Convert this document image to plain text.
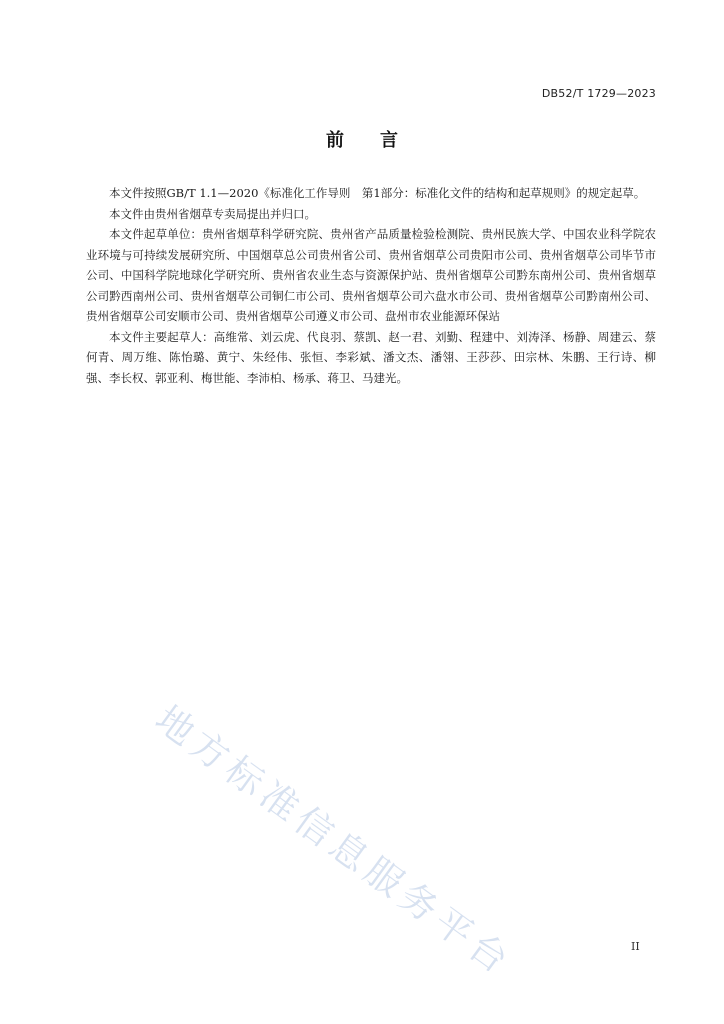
DB52/T 1729—2023
前言

本文件按照GB/T 1.1—2020《标准化工作导则　第1部分：标准化文件的结构和起草规则》的规定起草。

本文件由贵州省烟草专卖局提出并归口。

本文件起草单位：贵州省烟草科学研究院、贵州省产品质量检验检测院、贵州民族大学、中国农业科学院农业环境与可持续发展研究所、中国烟草总公司贵州省公司、贵州省烟草公司贵阳市公司、贵州省烟草公司毕节市公司、中国科学院地球化学研究所、贵州省农业生态与资源保护站、贵州省烟草公司黔东南州公司、贵州省烟草公司黔西南州公司、贵州省烟草公司铜仁市公司、贵州省烟草公司六盘水市公司、贵州省烟草公司黔南州公司、贵州省烟草公司安顺市公司、贵州省烟草公司遵义市公司、盘州市农业能源环保站

本文件主要起草人：高维常、刘云虎、代良羽、蔡凯、赵一君、刘勤、程建中、刘涛泽、杨静、周建云、蔡何青、周万维、陈怡璐、黄宁、朱经伟、张恒、李彩斌、潘文杰、潘翎、王莎莎、田宗林、朱鹏、王行诗、柳强、李长权、郭亚利、梅世能、李沛柏、杨承、蒋卫、马建光。

地方标准信息服务平台	II
